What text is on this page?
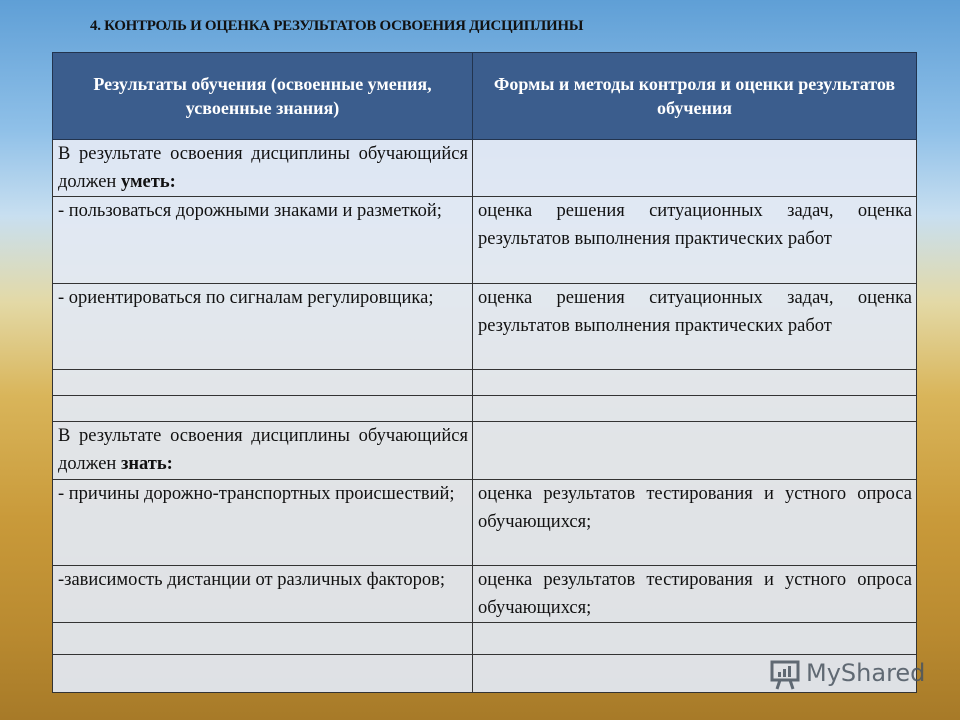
4. КОНТРОЛЬ И ОЦЕНКА РЕЗУЛЬТАТОВ ОСВОЕНИЯ ДИСЦИПЛИНЫ
Результаты обучения (освоенные умения, усвоенные знания)	Формы и методы контроля и оценки результатов обучения
В результате освоения дисциплины обучающийся должен уметь:	
- пользоваться дорожными знаками и разметкой;	оценка решения ситуационных задач, оценка результатов выполнения практических работ
- ориентироваться по сигналам регулировщика;	оценка решения ситуационных задач, оценка результатов выполнения практических работ

В результате освоения дисциплины обучающийся должен знать:	
- причины дорожно-транспортных происшествий;	оценка результатов тестирования и устного опроса обучающихся;
-зависимость дистанции от различных факторов;	оценка результатов тестирования и устного опроса обучающихся;

MyShared
